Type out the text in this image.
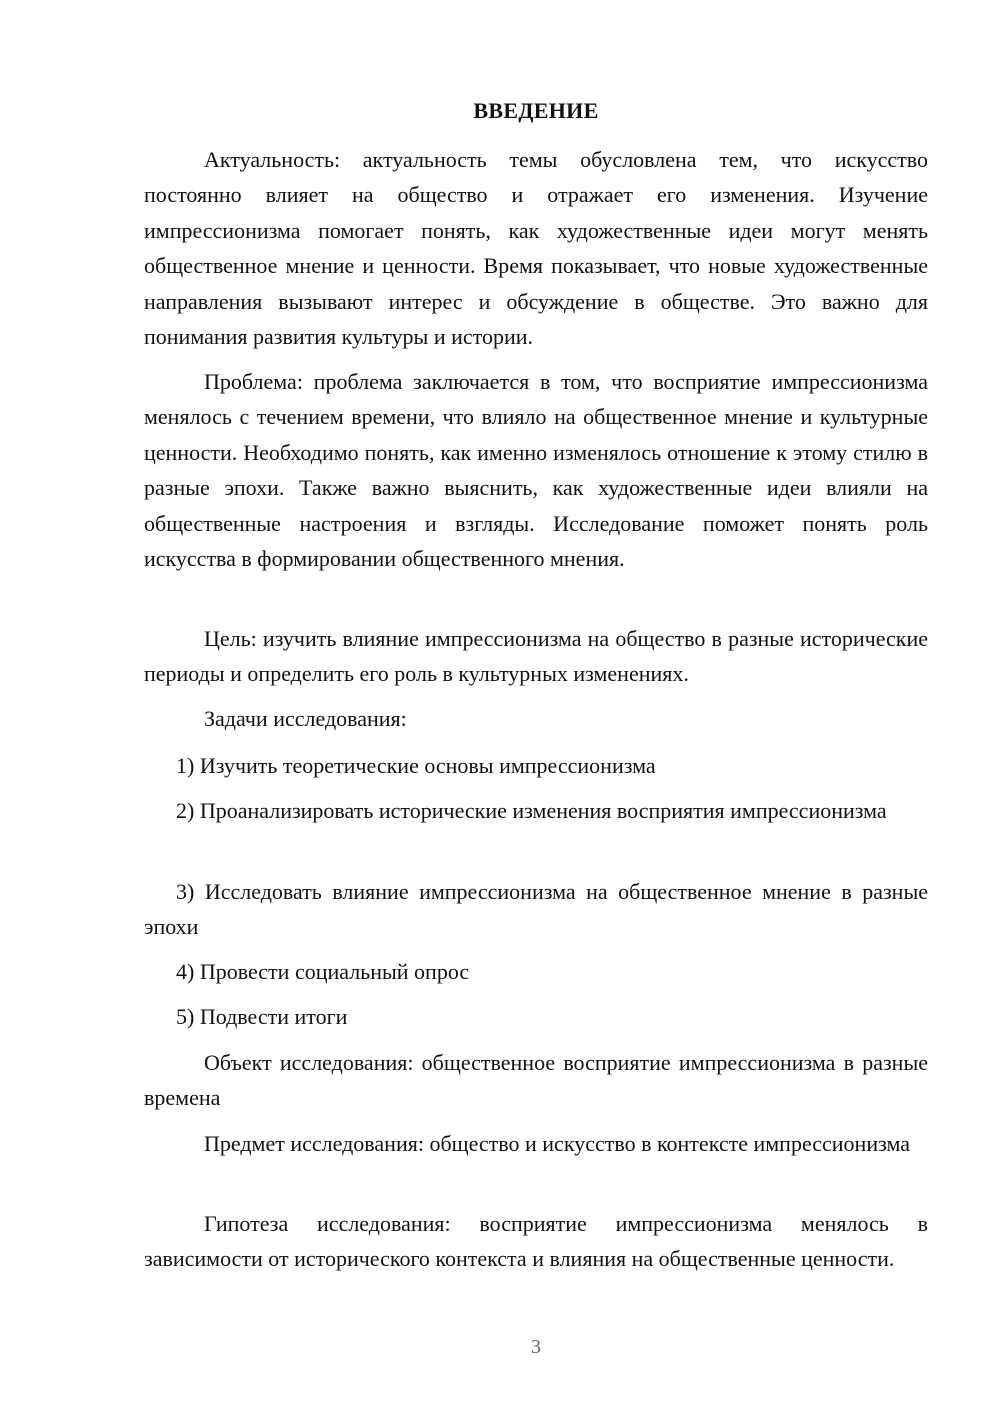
ВВЕДЕНИЕ

Актуальность: актуальность темы обусловлена тем, что искусство постоянно влияет на общество и отражает его изменения. Изучение импрессионизма помогает понять, как художественные идеи могут менять общественное мнение и ценности. Время показывает, что новые художественные направления вызывают интерес и обсуждение в обществе. Это важно для понимания развития культуры и истории.

Проблема: проблема заключается в том, что восприятие импрессионизма менялось с течением времени, что влияло на общественное мнение и культурные ценности. Необходимо понять, как именно изменялось отношение к этому стилю в разные эпохи. Также важно выяснить, как художественные идеи влияли на общественные настроения и взгляды. Исследование поможет понять роль искусства в формировании общественного мнения.

Цель: изучить влияние импрессионизма на общество в разные исторические периоды и определить его роль в культурных изменениях.

Задачи исследования:

1) Изучить теоретические основы импрессионизма

2) Проанализировать исторические изменения восприятия импрессионизма

3) Исследовать влияние импрессионизма на общественное мнение в разные эпохи

4) Провести социальный опрос

5) Подвести итоги

Объект исследования: общественное восприятие импрессионизма в разные времена

Предмет исследования: общество и искусство в контексте импрессионизма

Гипотеза исследования: восприятие импрессионизма менялось в зависимости от исторического контекста и влияния на общественные ценности.

3
